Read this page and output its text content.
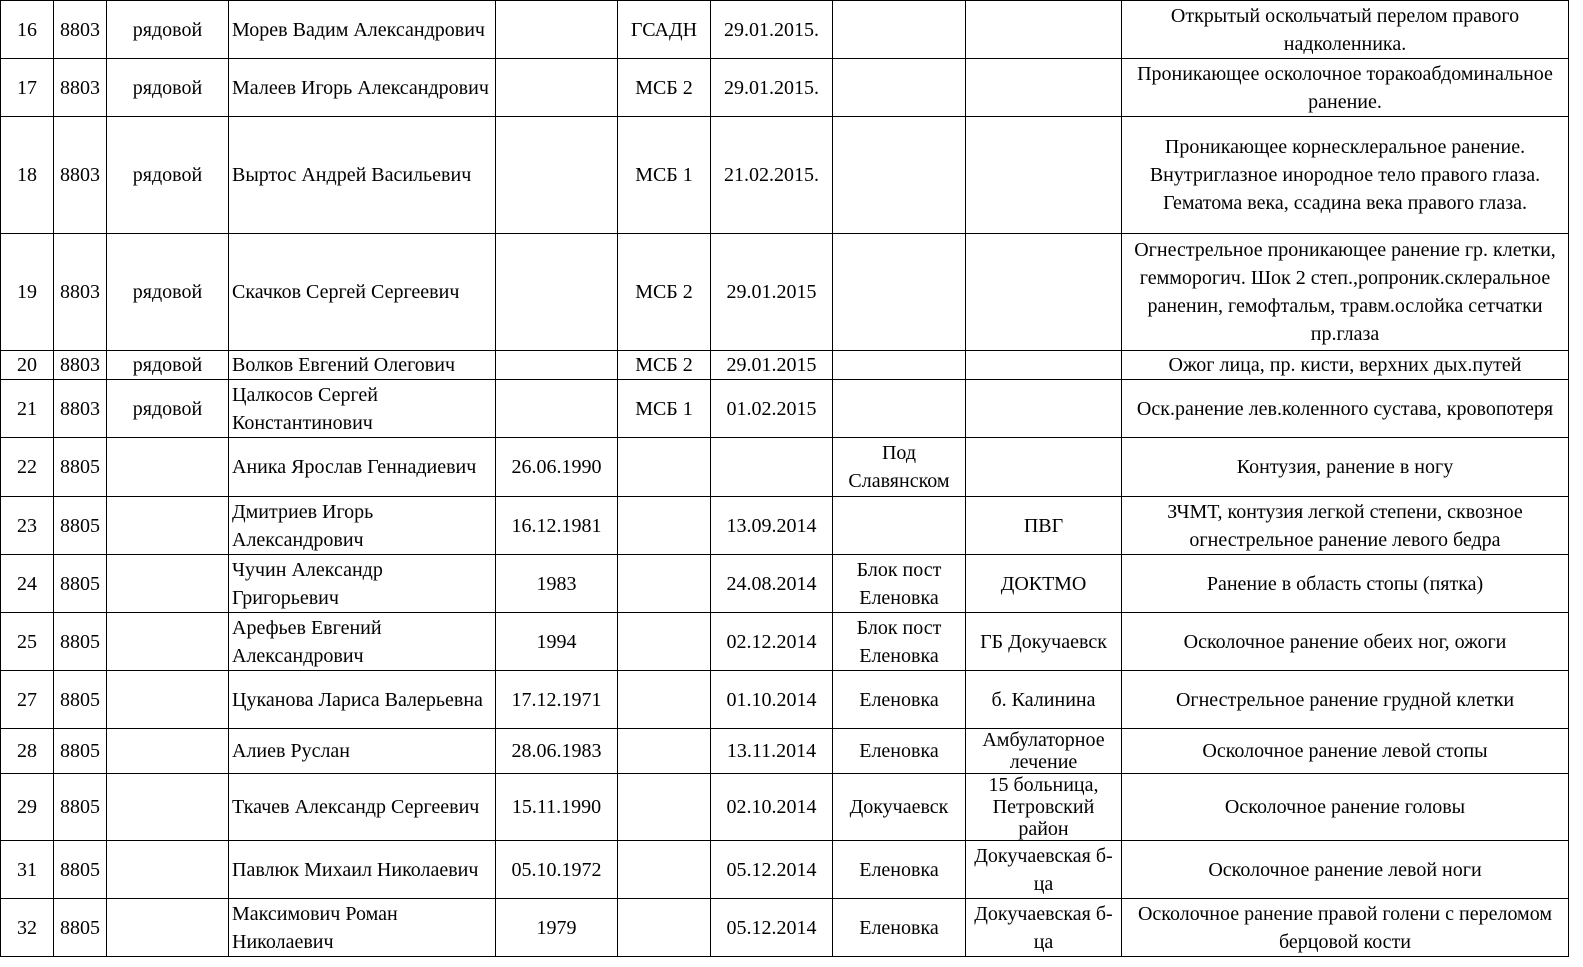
16	8803	рядовой	Морев Вадим Александрович		ГСАДН	29.01.2015.			Открытый оскольчатый перелом правого надколенника.
17	8803	рядовой	Малеев Игорь Александрович		МСБ 2	29.01.2015.			Проникающее осколочное торакоабдоминальное ранение.
18	8803	рядовой	Выртос Андрей Васильевич		МСБ 1	21.02.2015.			Проникающее корнесклеральное ранение. Внутриглазное инородное тело правого глаза. Гематома века, ссадина века правого глаза.
19	8803	рядовой	Скачков Сергей Сергеевич		МСБ 2	29.01.2015			Огнестрельное проникающее ранение гр. клетки, гемморогич. Шок 2 степ.,ропроник.склеральное раненин, гемофтальм, травм.ослойка сетчатки пр.глаза
20	8803	рядовой	Волков Евгений Олегович		МСБ 2	29.01.2015			Ожог лица, пр. кисти, верхних дых.путей
21	8803	рядовой	Цалкосов Сергей Константинович		МСБ 1	01.02.2015			Оск.ранение лев.коленного сустава, кровопотеря
22	8805		Аника Ярослав Геннадиевич	26.06.1990			Под Славянском		Контузия, ранение в ногу
23	8805		Дмитриев Игорь Александрович	16.12.1981		13.09.2014		ПВГ	ЗЧМТ, контузия легкой степени, сквозное огнестрельное ранение левого бедра
24	8805		Чучин Александр Григорьевич	1983		24.08.2014	Блок пост Еленовка	ДОКТМО	Ранение в область стопы (пятка)
25	8805		Арефьев Евгений Александрович	1994		02.12.2014	Блок пост Еленовка	ГБ Докучаевск	Осколочное ранение обеих ног, ожоги
27	8805		Цуканова Лариса Валерьевна	17.12.1971		01.10.2014	Еленовка	б. Калинина	Огнестрельное ранение грудной клетки
28	8805		Алиев Руслан	28.06.1983		13.11.2014	Еленовка	Амбулаторное лечение	Осколочное ранение левой стопы
29	8805		Ткачев Александр Сергеевич	15.11.1990		02.10.2014	Докучаевск	15 больница, Петровский район	Осколочное ранение головы
31	8805		Павлюк Михаил Николаевич	05.10.1972		05.12.2014	Еленовка	Докучаевская б-ца	Осколочное ранение левой ноги
32	8805		Максимович Роман Николаевич	1979		05.12.2014	Еленовка	Докучаевская б-ца	Осколочное ранение правой голени с переломом берцовой кости
